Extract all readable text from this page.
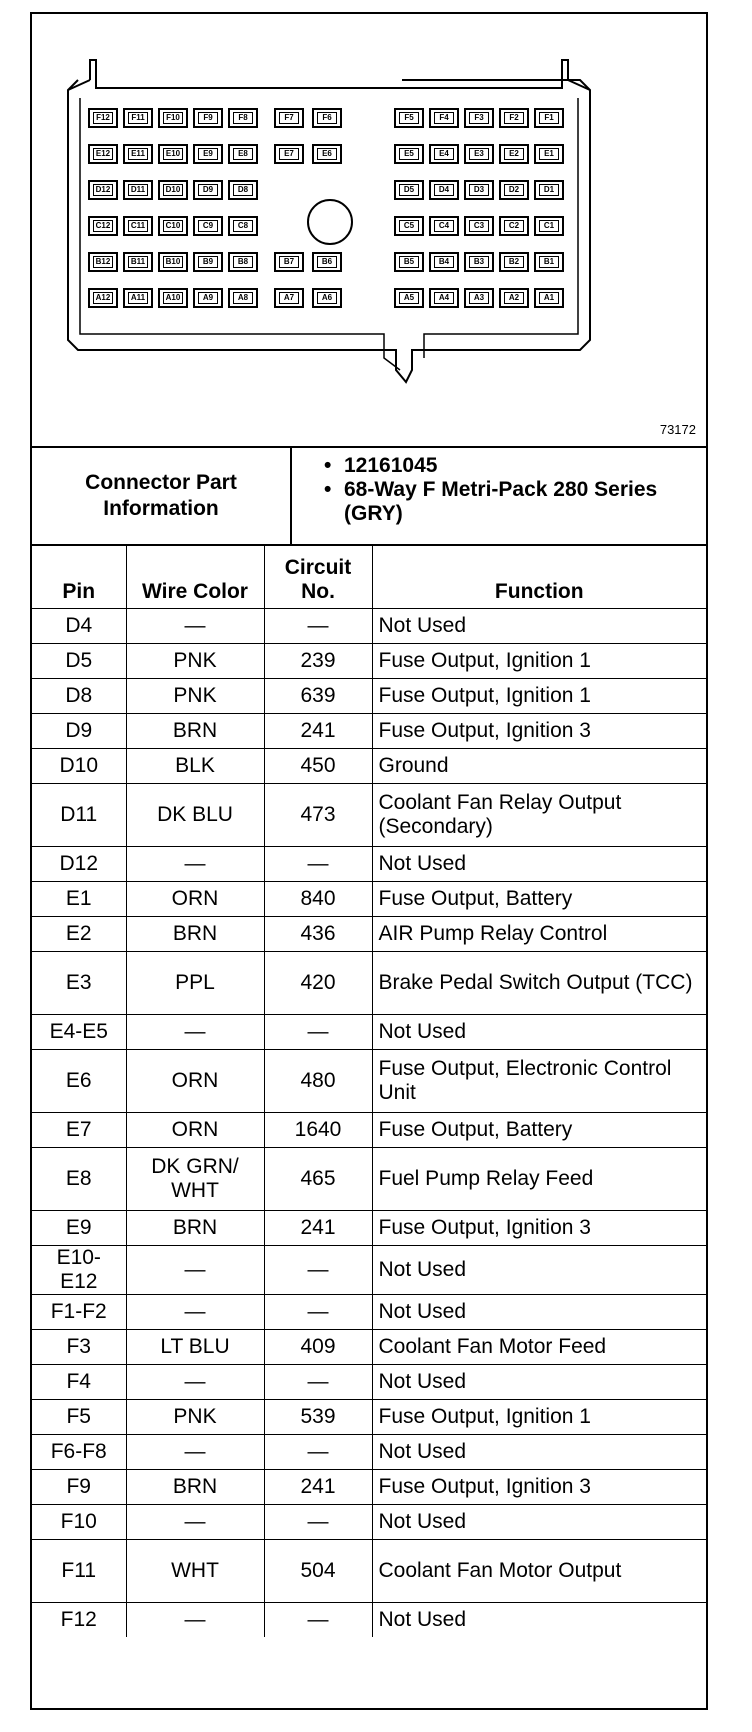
F12	F11	F10	F9	F8	F7	F6	F5	F4	F3	F2	F1
E12	E11	E10	E9	E8	E7	E6	E5	E4	E3	E2	E1
D12	D11	D10	D9	D8	D5	D4	D3	D2	D1
C12	C11	C10	C9	C8	C5	C4	C3	C2	C1
B12	B11	B10	B9	B8	B7	B6	B5	B4	B3	B2	B1
A12	A11	A10	A9	A8	A7	A6	A5	A4	A3	A2	A1
73172
Connector Part Information
• 12161045
• 68-Way F Metri-Pack 280 Series (GRY)
Pin	Wire Color	Circuit No.	Function
D4	—	—	Not Used
D5	PNK	239	Fuse Output, Ignition 1
D8	PNK	639	Fuse Output, Ignition 1
D9	BRN	241	Fuse Output, Ignition 3
D10	BLK	450	Ground
D11	DK BLU	473	Coolant Fan Relay Output (Secondary)
D12	—	—	Not Used
E1	ORN	840	Fuse Output, Battery
E2	BRN	436	AIR Pump Relay Control
E3	PPL	420	Brake Pedal Switch Output (TCC)
E4-E5	—	—	Not Used
E6	ORN	480	Fuse Output, Electronic Control Unit
E7	ORN	1640	Fuse Output, Battery
E8	DK GRN/ WHT	465	Fuel Pump Relay Feed
E9	BRN	241	Fuse Output, Ignition 3
E10-E12	—	—	Not Used
F1-F2	—	—	Not Used
F3	LT BLU	409	Coolant Fan Motor Feed
F4	—	—	Not Used
F5	PNK	539	Fuse Output, Ignition 1
F6-F8	—	—	Not Used
F9	BRN	241	Fuse Output, Ignition 3
F10	—	—	Not Used
F11	WHT	504	Coolant Fan Motor Output
F12	—	—	Not Used
